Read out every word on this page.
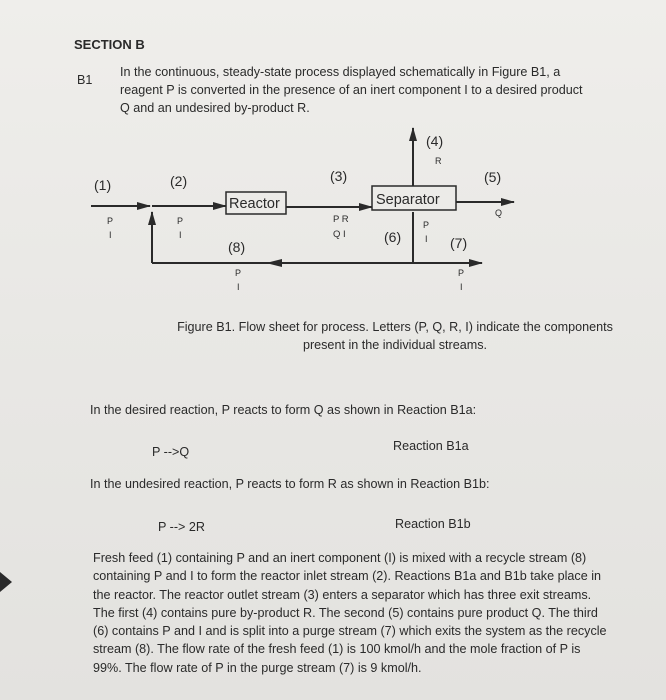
SECTION B
B1
In the continuous, steady-state process displayed schematically in Figure B1, a
reagent P is converted in the presence of an inert component I to a desired product
Q and an undesired by-product R.
Reactor	Separator
(1)	(2)	(3)
(4)
(5)
(6)	(7)
(8)
P
I
P
I
P R
Q I
R
Q
P
I
P
I
P
I
Figure B1. Flow sheet for process. Letters (P, Q, R, I) indicate the components
present in the individual streams.
In the desired reaction, P reacts to form Q as shown in Reaction B1a:
P -->Q	Reaction B1a
In the undesired reaction, P reacts to form R as shown in Reaction B1b:
P --> 2R	Reaction B1b
Fresh feed (1) containing P and an inert component (I) is mixed with a recycle stream (8)
containing P and I to form the reactor inlet stream (2). Reactions B1a and B1b take place in
the reactor. The reactor outlet stream (3) enters a separator which has three exit streams.
The first (4) contains pure by-product R. The second (5) contains pure product Q. The third
(6) contains P and I and is split into a purge stream (7) which exits the system as the recycle
stream (8). The flow rate of the fresh feed (1) is 100 kmol/h and the mole fraction of P is
99%. The flow rate of P in the purge stream (7) is 9 kmol/h.
